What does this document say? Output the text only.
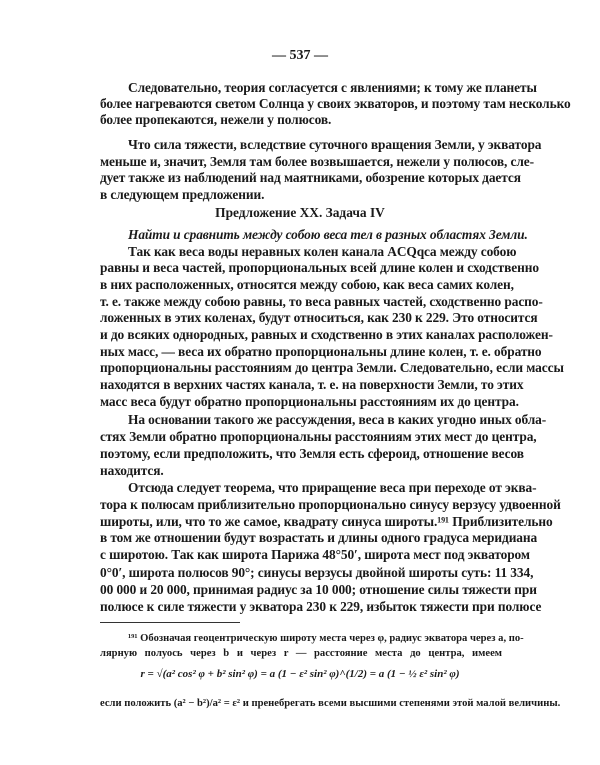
— 537 —
Следовательно, теория согласуется с явлениями; к тому же планеты
более нагреваются светом Солнца у своих экваторов, и поэтому там несколько
более пропекаются, нежели у полюсов.
Что сила тяжести, вследствие суточного вращения Земли, у экватора
меньше и, значит, Земля там более возвышается, нежели у полюсов, сле-
дует также из наблюдений над маятниками, обозрение которых дается
в следующем предложении.
Предложение XX. Задача IV
Найти и сравнить между собою веса тел в разных областях Земли.
Так как веса воды неравных колен канала ACQqca между собою
равны и веса частей, пропорциональных всей длине колен и сходственно
в них расположенных, относятся между собою, как веса самих колен,
т. е. также между собою равны, то веса равных частей, сходственно распо-
ложенных в этих коленах, будут относиться, как 230 к 229. Это относится
и до всяких однородных, равных и сходственно в этих каналах расположен-
ных масс, — веса их обратно пропорциональны длине колен, т. е. обратно
пропорциональны расстояниям до центра Земли. Следовательно, если массы
находятся в верхних частях канала, т. е. на поверхности Земли, то этих
масс веса будут обратно пропорциональны расстояниям их до центра.
На основании такого же рассуждения, веса в каких угодно иных обла-
стях Земли обратно пропорциональны расстояниям этих мест до центра,
поэтому, если предположить, что Земля есть сфероид, отношение весов
находится.
Отсюда следует теорема, что приращение веса при переходе от эква-
тора к полюсам приблизительно пропорционально синусу верзусу удвоенной
широты, или, что то же самое, квадрату синуса широты.¹⁹¹ Приблизительно
в том же отношении будут возрастать и длины одного градуса меридиана
с широтою. Так как широта Парижа 48°50′, широта мест под экватором
0°0′, широта полюсов 90°; синусы верзусы двойной широты суть: 11 334,
00 000 и 20 000, принимая радиус за 10 000; отношение силы тяжести при
полюсе к силе тяжести у экватора 230 к 229, избыток тяжести при полюсе
¹⁹¹ Обозначая геоцентрическую широту места через φ, радиус экватора через a, по-
лярную полуось через b и через r — расстояние места до центра, имеем
r = √(a² cos² φ + b² sin² φ) = a (1 − ε² sin² φ)^(1/2) = a (1 − ½ ε² sin² φ)
если положить (a² − b²)/a² = ε² и пренебрегать всеми высшими степенями этой малой величины.
